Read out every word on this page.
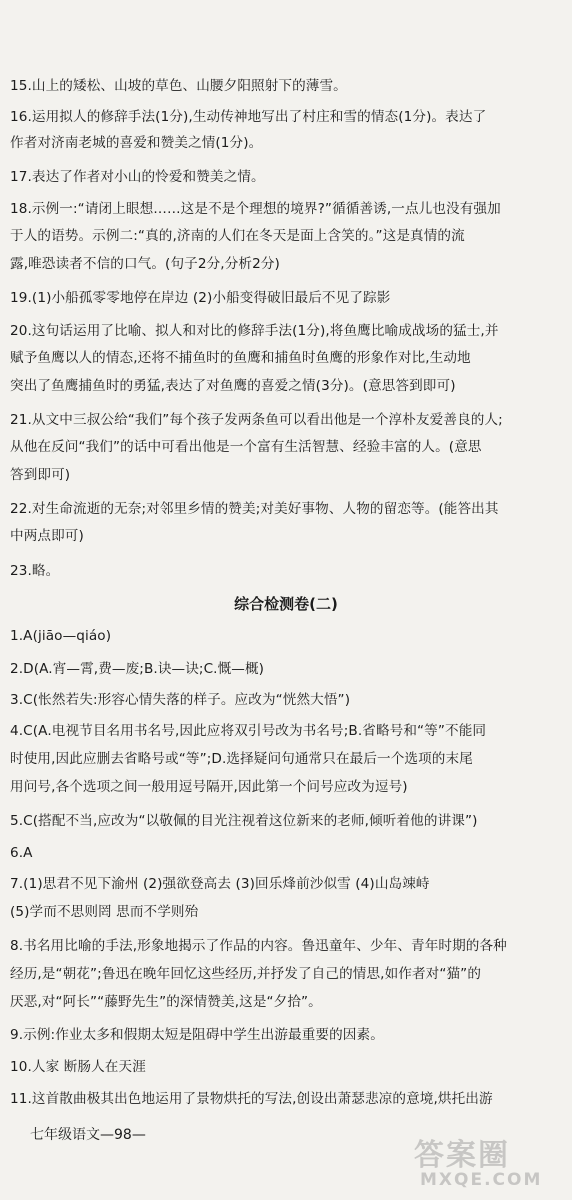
15.山上的矮松、山坡的草色、山腰夕阳照射下的薄雪。
16.运用拟人的修辞手法(1分),生动传神地写出了村庄和雪的情态(1分)。表达了
作者对济南老城的喜爱和赞美之情(1分)。
17.表达了作者对小山的怜爱和赞美之情。
18.示例一:“请闭上眼想……这是不是个理想的境界?”循循善诱,一点儿也没有强加
于人的语势。示例二:“真的,济南的人们在冬天是面上含笑的。”这是真情的流
露,唯恐读者不信的口气。(句子2分,分析2分)
19.(1)小船孤零零地停在岸边 (2)小船变得破旧最后不见了踪影
20.这句话运用了比喻、拟人和对比的修辞手法(1分),将鱼鹰比喻成战场的猛士,并
赋予鱼鹰以人的情态,还将不捕鱼时的鱼鹰和捕鱼时鱼鹰的形象作对比,生动地
突出了鱼鹰捕鱼时的勇猛,表达了对鱼鹰的喜爱之情(3分)。(意思答到即可)
21.从文中三叔公给“我们”每个孩子发两条鱼可以看出他是一个淳朴友爱善良的人;
从他在反问“我们”的话中可看出他是一个富有生活智慧、经验丰富的人。(意思
答到即可)
22.对生命流逝的无奈;对邻里乡情的赞美;对美好事物、人物的留恋等。(能答出其
中两点即可)
23.略。
综合检测卷(二)
1.A(jiāo—qiáo)
2.D(A.宵—霄,费—废;B.诀—诀;C.慨—概)
3.C(怅然若失:形容心情失落的样子。应改为“恍然大悟”)
4.C(A.电视节目名用书名号,因此应将双引号改为书名号;B.省略号和“等”不能同
时使用,因此应删去省略号或“等”;D.选择疑问句通常只在最后一个选项的末尾
用问号,各个选项之间一般用逗号隔开,因此第一个问号应改为逗号)
5.C(搭配不当,应改为“以敬佩的目光注视着这位新来的老师,倾听着他的讲课”)
6.A
7.(1)思君不见下渝州 (2)强欲登高去 (3)回乐烽前沙似雪 (4)山岛竦峙
(5)学而不思则罔 思而不学则殆
8.书名用比喻的手法,形象地揭示了作品的内容。鲁迅童年、少年、青年时期的各种
经历,是“朝花”;鲁迅在晚年回忆这些经历,并抒发了自己的情思,如作者对“猫”的
厌恶,对“阿长”“藤野先生”的深情赞美,这是“夕拾”。
9.示例:作业太多和假期太短是阻碍中学生出游最重要的因素。
10.人家 断肠人在天涯
11.这首散曲极其出色地运用了景物烘托的写法,创设出萧瑟悲凉的意境,烘托出游
七年级语文—98—
答案圈
MXQE.COM
